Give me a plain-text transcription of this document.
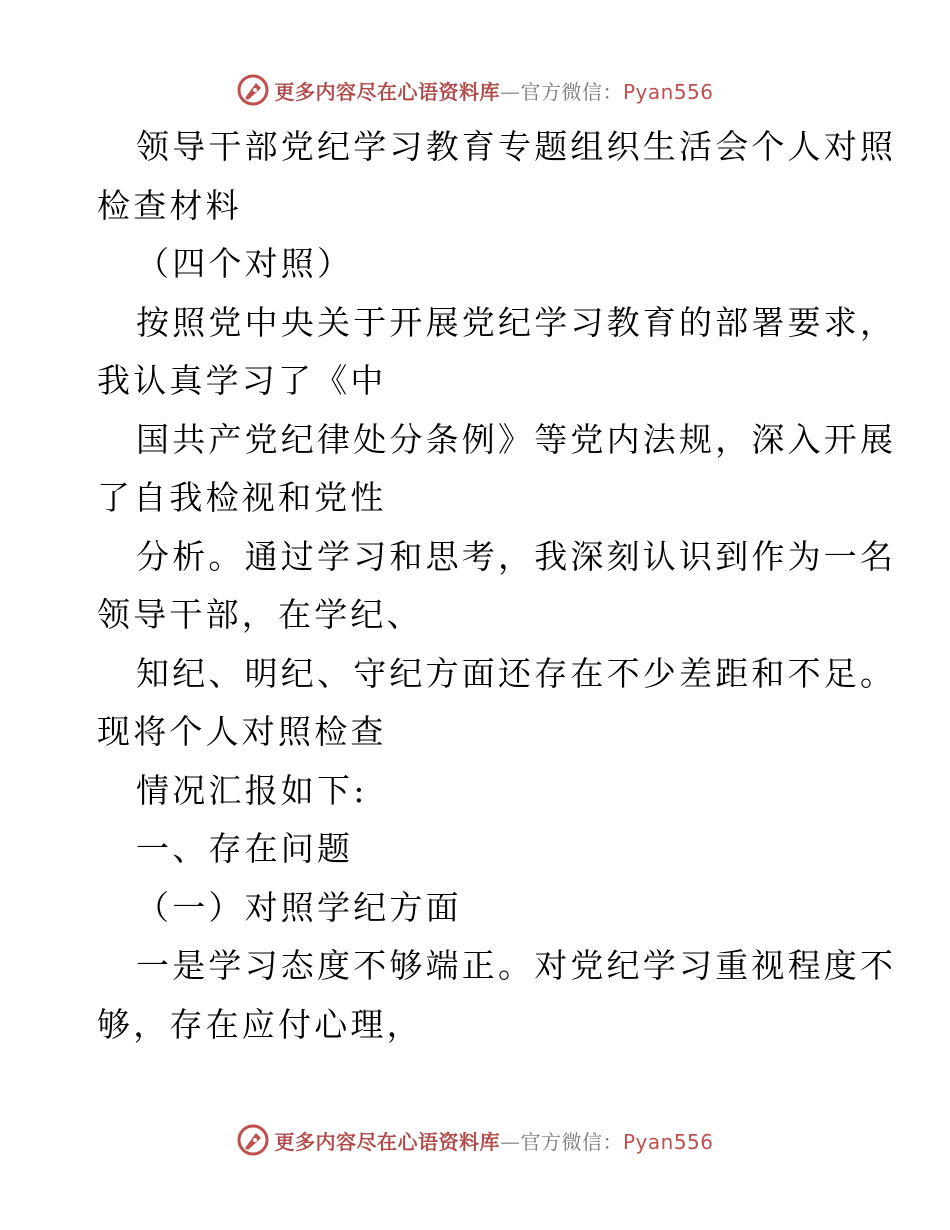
更多内容尽在心语资料库—官方微信：Pyan556
领导干部党纪学习教育专题组织生活会个人对照
检查材料
（四个对照）
按照党中央关于开展党纪学习教育的部署要求，
我认真学习了《中
国共产党纪律处分条例》等党内法规，深入开展
了自我检视和党性
分析。通过学习和思考，我深刻认识到作为一名
领导干部，在学纪、
知纪、明纪、守纪方面还存在不少差距和不足。
现将个人对照检查
情况汇报如下:
一、存在问题
（一）对照学纪方面
一是学习态度不够端正。对党纪学习重视程度不
够，存在应付心理，
更多内容尽在心语资料库—官方微信：Pyan556
